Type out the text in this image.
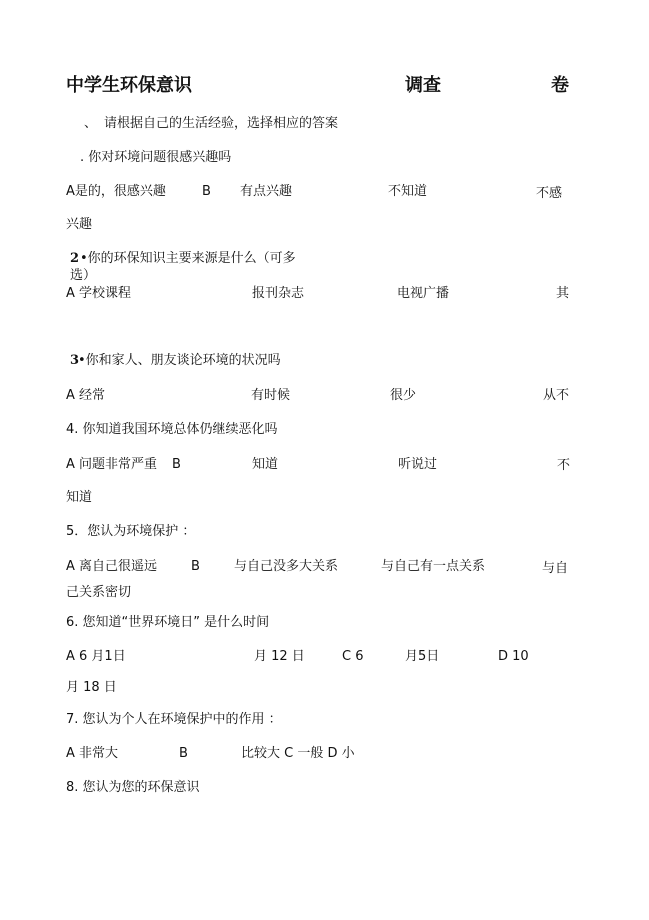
中学生环保意识	调查	卷
、 请根据自己的生活经验，选择相应的答案
. 你对环境问题很感兴趣吗
A是的，很感兴趣	B 有点兴趣	不知道	不感
兴趣
2 •你的环保知识主要来源是什么（可多
选）
A 学校课程	报刊杂志	电视广播	其
3
•你和家人、朋友谈论环境的状况吗
A 经常	有时候	很少	从不
4. 你知道我国环境总体仍继续恶化吗
A 问题非常严重 B	知道	听说过	不
知道
5．您认为环境保护 ：
A 离自己很遥远	B	与自己没多大关系	与自己有一点关系	与自
己关系密切
6. 您知道“世界环境日” 是什么时间
A 6 月1日	月 12 日	C 6	月5日	D 10
月 18 日
7. 您认为个人在环境保护中的作用 ：
A 非常大	B	比较大 C 一般 D 小
8. 您认为您的环保意识
